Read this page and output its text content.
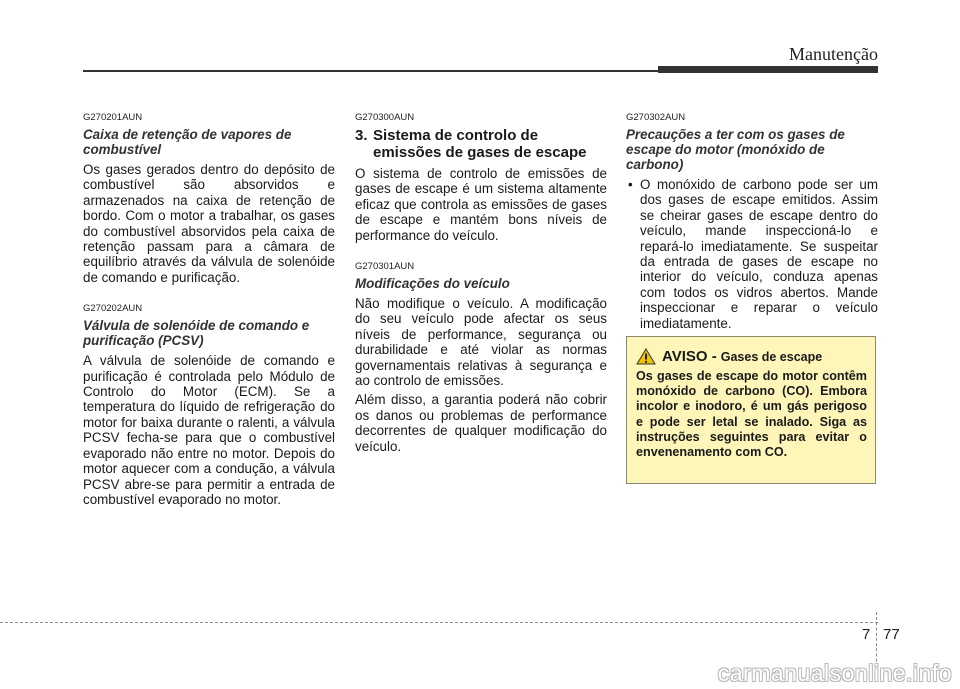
Manutenção
G270201AUN
Caixa de retenção de vapores de combustível

Os gases gerados dentro do depósito de combustível são absorvidos e armazenados na caixa de retenção de bordo. Com o motor a trabalhar, os gases do combustível absorvidos pela caixa de retenção passam para a câmara de equilíbrio através da válvula de solenóide de comando e purificação.

G270202AUN
Válvula de solenóide de comando e purificação (PCSV)

A válvula de solenóide de comando e purificação é controlada pelo Módulo de Controlo do Motor (ECM). Se a temperatura do líquido de refrigeração do motor for baixa durante o ralenti, a válvula PCSV fecha-se para que o combustível evaporado não entre no motor. Depois do motor aquecer com a condução, a válvula PCSV abre-se para permitir a entrada de combustível evaporado no motor.

G270300AUN
3. Sistema de controlo de
emissões de gases de escape

O sistema de controlo de emissões de gases de escape é um sistema altamente eficaz que controla as emissões de gases de escape e mantém bons níveis de performance do veículo.

G270301AUN
Modificações do veículo

Não modifique o veículo. A modificação do seu veículo pode afectar os seus níveis de performance, segurança ou durabilidade e até violar as normas governamentais relativas à segurança e ao controlo de emissões.

Além disso, a garantia poderá não cobrir os danos ou problemas de performance decorrentes de qualquer modificação do veículo.

G270302AUN
Precauções a ter com os gases de escape do motor (monóxido de carbono)
• O monóxido de carbono pode ser um dos gases de escape emitidos. Assim se cheirar gases de escape dentro do veículo, mande inspeccioná-lo e repará-lo imediatamente. Se suspeitar da entrada de gases de escape no interior do veículo, conduza apenas com todos os vidros abertos. Mande inspeccionar e reparar o veículo imediatamente.
AVISO - Gases de escape

Os gases de escape do motor contêm monóxido de carbono (CO). Embora incolor e inodoro, é um gás perigoso e pode ser letal se inalado. Siga as instruções seguintes para evitar o envenenamento com CO.

7 77
carmanualsonline.info
